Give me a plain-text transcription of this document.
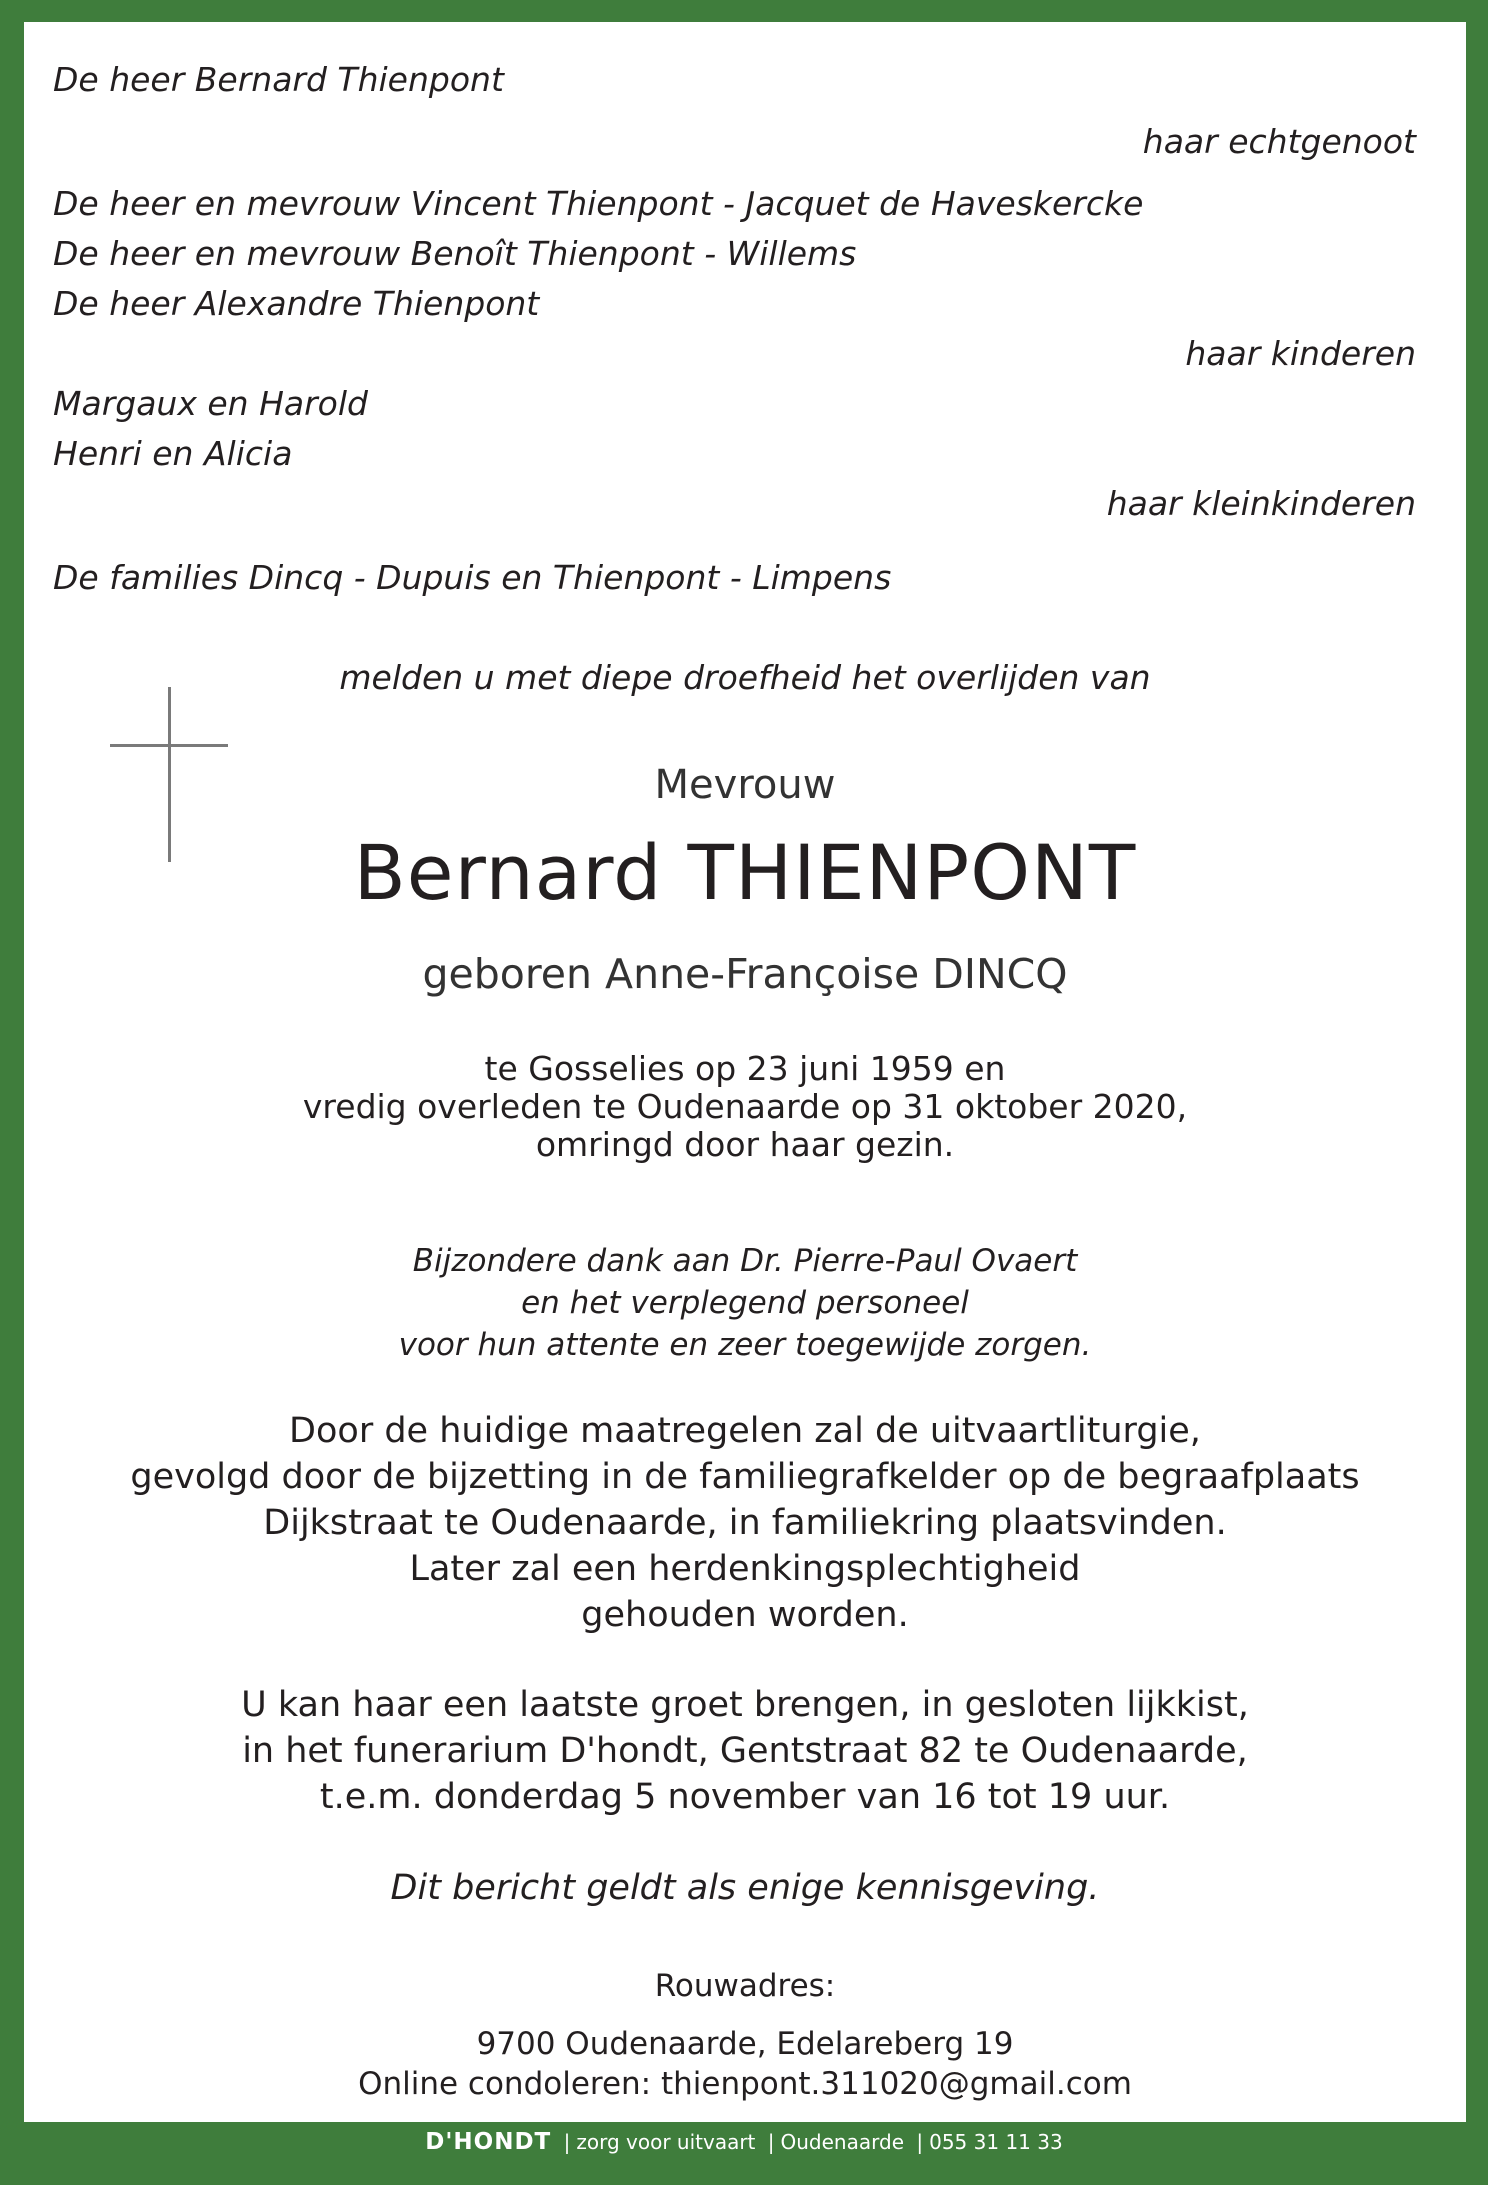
De heer Bernard Thienpont
haar echtgenoot
De heer en mevrouw Vincent Thienpont - Jacquet de Haveskercke
De heer en mevrouw Benoît Thienpont - Willems
De heer Alexandre Thienpont
haar kinderen
Margaux en Harold
Henri en Alicia
haar kleinkinderen
De families Dincq - Dupuis en Thienpont - Limpens
melden u met diepe droefheid het overlijden van
Mevrouw
Bernard THIENPONT
geboren Anne-Françoise DINCQ
te Gosselies op 23 juni 1959 en
vredig overleden te Oudenaarde op 31 oktober 2020,
omringd door haar gezin.
Bijzondere dank aan Dr. Pierre-Paul Ovaert
en het verplegend personeel
voor hun attente en zeer toegewijde zorgen.
Door de huidige maatregelen zal de uitvaartliturgie,
gevolgd door de bijzetting in de familiegrafkelder op de begraafplaats
Dijkstraat te Oudenaarde, in familiekring plaatsvinden.
Later zal een herdenkingsplechtigheid
gehouden worden.
U kan haar een laatste groet brengen, in gesloten lijkkist,
in het funerarium D'hondt, Gentstraat 82 te Oudenaarde,
t.e.m. donderdag 5 november van 16 tot 19 uur.
Dit bericht geldt als enige kennisgeving.
Rouwadres:
9700 Oudenaarde, Edelareberg 19
Online condoleren: thienpont.311020@gmail.com
D'HONDT | zorg voor uitvaart | Oudenaarde | 055 31 11 33
